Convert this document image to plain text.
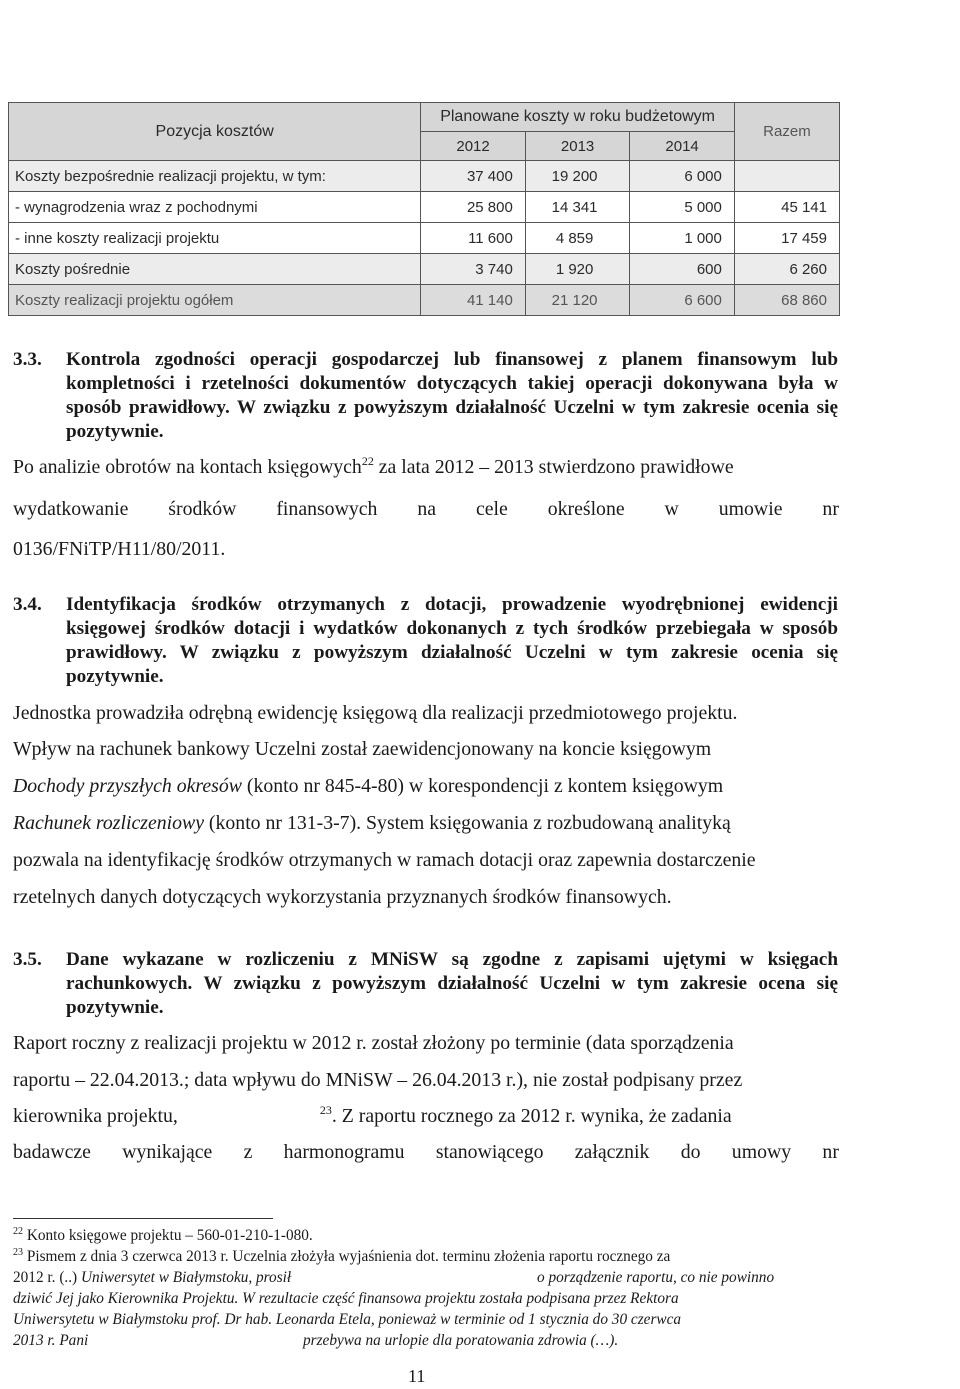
Pozycja kosztów	Planowane koszty w roku budżetowym			Razem
	2012	2013	2014	
Koszty bezpośrednie realizacji projektu, w tym:	37 400	19 200	6 000	
- wynagrodzenia wraz z pochodnymi	25 800	14 341	5 000	45 141
- inne koszty realizacji projektu	11 600	4 859	1 000	17 459
Koszty pośrednie	3 740	1 920	600	6 260
Koszty realizacji projektu ogółem	41 140	21 120	6 600	68 860
3.3. Kontrola zgodności operacji gospodarczej lub finansowej z planem finansowym lub kompletności i rzetelności dokumentów dotyczących takiej operacji dokonywana była w sposób prawidłowy. W związku z powyższym działalność Uczelni w tym zakresie ocenia się pozytywnie.
Po analizie obrotów na kontach księgowych$^{22}$ za lata 2012 – 2013 stwierdzono prawidłowe
wydatkowanie środków finansowych na cele określone w umowie nr
0136/FNiTP/H11/80/2011.
3.4. Identyfikacja środków otrzymanych z dotacji, prowadzenie wyodrębnionej ewidencji księgowej środków dotacji i wydatków dokonanych z tych środków przebiegała w sposób prawidłowy. W związku z powyższym działalność Uczelni w tym zakresie ocenia się pozytywnie.
Jednostka prowadziła odrębną ewidencję księgową dla realizacji przedmiotowego projektu.
Wpływ na rachunek bankowy Uczelni został zaewidencjonowany na koncie księgowym
Dochody przyszłych okresów (konto nr 845-4-80) w korespondencji z kontem księgowym
Rachunek rozliczeniowy (konto nr 131-3-7). System księgowania z rozbudowaną analityką
pozwala na identyfikację środków otrzymanych w ramach dotacji oraz zapewnia dostarczenie
rzetelnych danych dotyczących wykorzystania przyznanych środków finansowych.
3.5. Dane wykazane w rozliczeniu z MNiSW są zgodne z zapisami ujętymi w księgach rachunkowych. W związku z powyższym działalność Uczelni w tym zakresie ocena się pozytywnie.
Raport roczny z realizacji projektu w 2012 r. został złożony po terminie (data sporządzenia
raportu – 22.04.2013.; data wpływu do MNiSW – 26.04.2013 r.), nie został podpisany przez
kierownika projektu,	$^{23}$. Z raportu rocznego za 2012 r. wynika, że zadania
badawcze wynikające z harmonogramu stanowiącego załącznik do umowy nr
$^{22}$ Konto księgowe projektu – 560-01-210-1-080.
$^{23}$ Pismem z dnia 3 czerwca 2013 r. Uczelnia złożyła wyjaśnienia dot. terminu złożenia raportu rocznego za
2012 r. (..) Uniwersytet w Białymstoku, prosił	o porządzenie raportu, co nie powinno
dziwić Jej jako Kierownika Projektu. W rezultacie część finansowa projektu została podpisana przez Rektora
Uniwersytetu w Białymstoku prof. Dr hab. Leonarda Etela, ponieważ w terminie od 1 stycznia do 30 czerwca
2013 r. Pani	przebywa na urlopie dla poratowania zdrowia (…).
11
